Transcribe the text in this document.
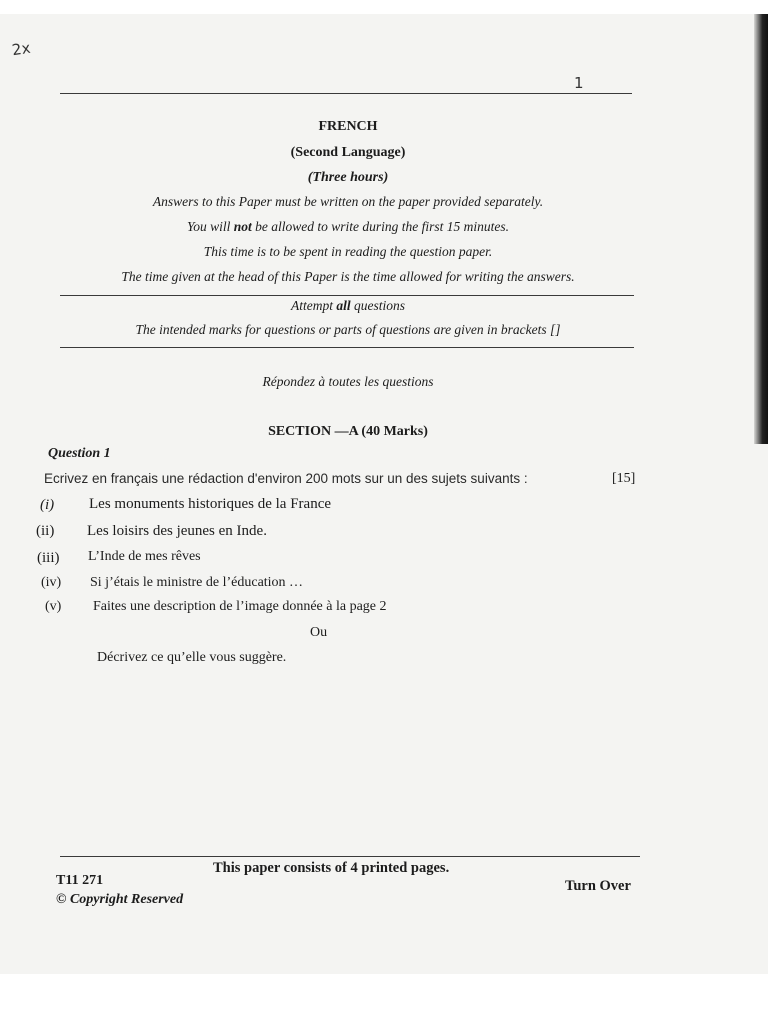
2x
1
FRENCH
(Second Language)
(Three hours)
Answers to this Paper must be written on the paper provided separately.
You will not be allowed to write during the first 15 minutes.
This time is to be spent in reading the question paper.
The time given at the head of this Paper is the time allowed for writing the answers.
Attempt all questions
The intended marks for questions or parts of questions are given in brackets []
Répondez à toutes les questions
SECTION —A (40 Marks)
Question 1
Ecrivez en français une rédaction d'environ 200 mots sur un des sujets suivants :	[15]
(i) Les monuments historiques de la France
(ii) Les loisirs des jeunes en Inde.
(iii) L’Inde de mes rêves
(iv) Si j’étais le ministre de l’éducation …
(v) Faites une description de l’image donnée à la page 2
Ou
Décrivez ce qu’elle vous suggère.
This paper consists of 4 printed pages.
T11 271
© Copyright Reserved
Turn Over
